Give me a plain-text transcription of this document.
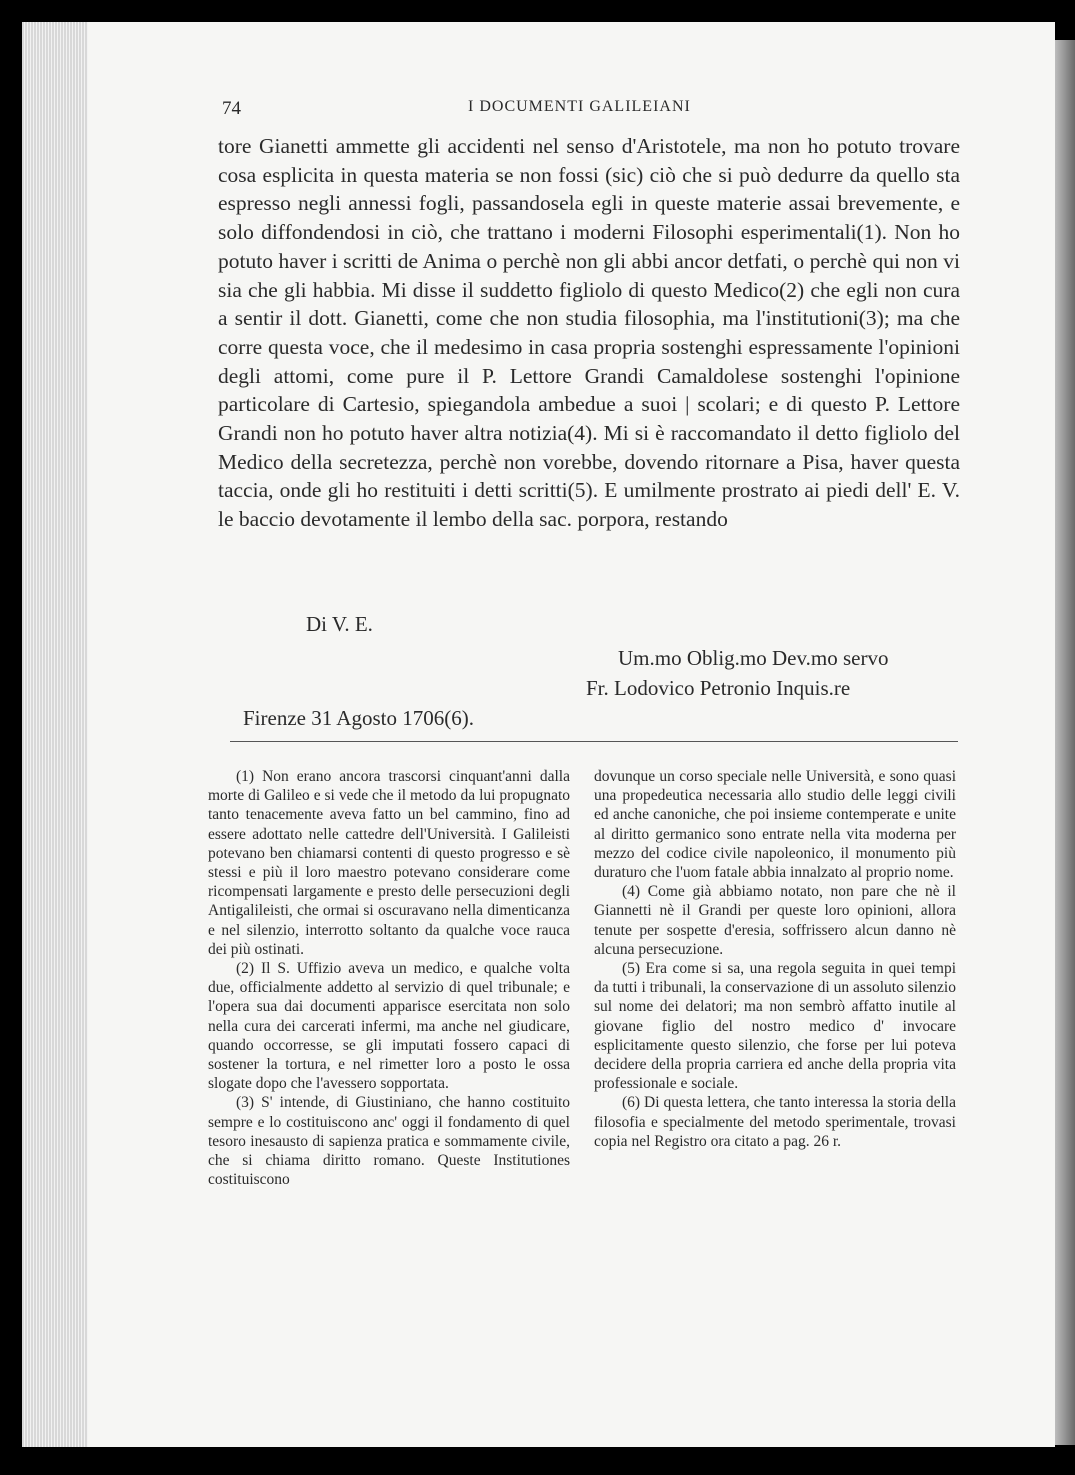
74	I DOCUMENTI GALILEIANI

tore Gianetti ammette gli accidenti nel senso d'Aristotele, ma non ho potuto trovare cosa esplicita in questa materia se non fossi (sic) ciò che si può dedurre da quello sta espresso negli annessi fogli, passandosela egli in queste materie assai brevemente, e solo diffondendosi in ciò, che trattano i moderni Filosophi esperimentali(1). Non ho potuto haver i scritti de Anima o perchè non gli abbi ancor detfati, o perchè qui non vi sia che gli habbia. Mi disse il suddetto figliolo di questo Medico(2) che egli non cura a sentir il dott. Gianetti, come che non studia filosophia, ma l'institutioni(3); ma che corre questa voce, che il medesimo in casa propria sostenghi espressamente l'opinioni degli attomi, come pure il P. Lettore Grandi Camaldolese sostenghi l'opinione particolare di Cartesio, spiegandola ambedue a suoi | scolari; e di questo P. Lettore Grandi non ho potuto haver altra notizia(4). Mi si è raccomandato il detto figliolo del Medico della secretezza, perchè non vorebbe, dovendo ritornare a Pisa, haver questa taccia, onde gli ho restituiti i detti scritti(5). E umilmente prostrato ai piedi dell' E. V. le baccio devotamente il lembo della sac. porpora, restando

Di V. E.
Um.mo Oblig.mo Dev.mo servo
Fr. Lodovico Petronio Inquis.re
Firenze 31 Agosto 1706(6).

(1) Non erano ancora trascorsi cinquant'anni dalla morte di Galileo e si vede che il metodo da lui propugnato tanto tenacemente aveva fatto un bel cammino, fino ad essere adottato nelle cattedre dell'Università. I Galileisti potevano ben chiamarsi contenti di questo progresso e sè stessi e più il loro maestro potevano considerare come ricompensati largamente e presto delle persecuzioni degli Antigalileisti, che ormai si oscuravano nella dimenticanza e nel silenzio, interrotto soltanto da qualche voce rauca dei più ostinati.

(2) Il S. Uffizio aveva un medico, e qualche volta due, officialmente addetto al servizio di quel tribunale; e l'opera sua dai documenti apparisce esercitata non solo nella cura dei carcerati infermi, ma anche nel giudicare, quando occorresse, se gli imputati fossero capaci di sostener la tortura, e nel rimetter loro a posto le ossa slogate dopo che l'avessero sopportata.

(3) S' intende, di Giustiniano, che hanno costituito sempre e lo costituiscono anc' oggi il fondamento di quel tesoro inesausto di sapienza pratica e sommamente civile, che si chiama diritto romano. Queste Institutiones costituiscono

dovunque un corso speciale nelle Università, e sono quasi una propedeutica necessaria allo studio delle leggi civili ed anche canoniche, che poi insieme contemperate e unite al diritto germanico sono entrate nella vita moderna per mezzo del codice civile napoleonico, il monumento più duraturo che l'uom fatale abbia innalzato al proprio nome.

(4) Come già abbiamo notato, non pare che nè il Giannetti nè il Grandi per queste loro opinioni, allora tenute per sospette d'eresia, soffrissero alcun danno nè alcuna persecuzione.

(5) Era come si sa, una regola seguita in quei tempi da tutti i tribunali, la conservazione di un assoluto silenzio sul nome dei delatori; ma non sembrò affatto inutile al giovane figlio del nostro medico d' invocare esplicitamente questo silenzio, che forse per lui poteva decidere della propria carriera ed anche della propria vita professionale e sociale.

(6) Di questa lettera, che tanto interessa la storia della filosofia e specialmente del metodo sperimentale, trovasi copia nel Registro ora citato a pag. 26 r.
